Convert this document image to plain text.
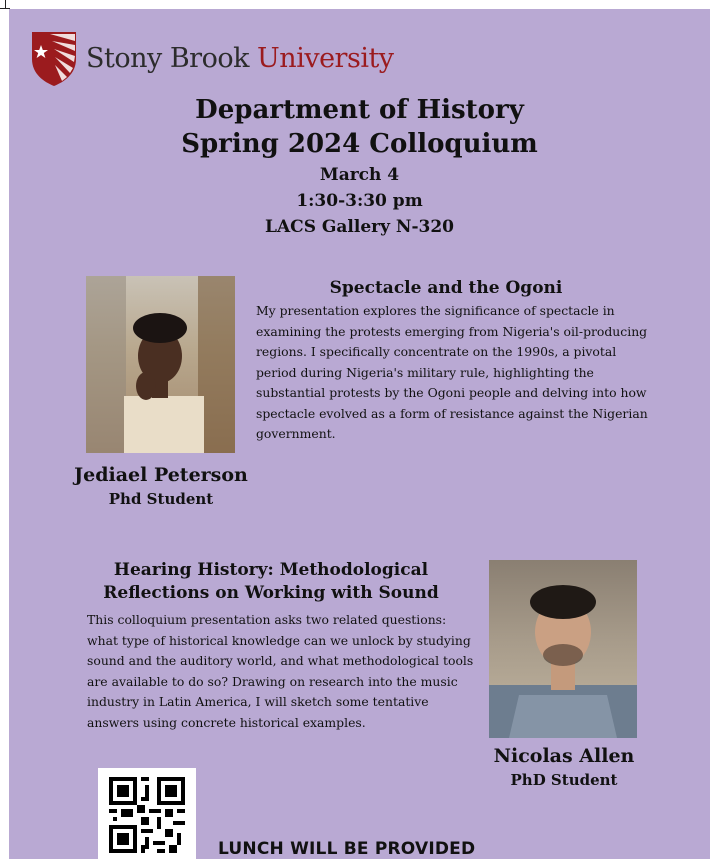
Stony Brook University
Department of History
Spring 2024 Colloquium
March 4
1:30-3:30 pm
LACS Gallery N-320
Spectacle and the Ogoni
My presentation explores the significance of spectacle in examining the protests emerging from Nigeria's oil-producing regions. I specifically concentrate on the 1990s, a pivotal period during Nigeria's military rule, highlighting the substantial protests by the Ogoni people and delving into how spectacle evolved as a form of resistance against the Nigerian government.
Jediael Peterson
Phd Student
Hearing History: Methodological
Reflections on Working with Sound
This colloquium presentation asks two related questions: what type of historical knowledge can we unlock by studying sound and the auditory world, and what methodological tools are available to do so? Drawing on research into the music industry in Latin America, I will sketch some tentative answers using concrete historical examples.
Nicolas Allen
PhD Student
LUNCH WILL BE PROVIDED
